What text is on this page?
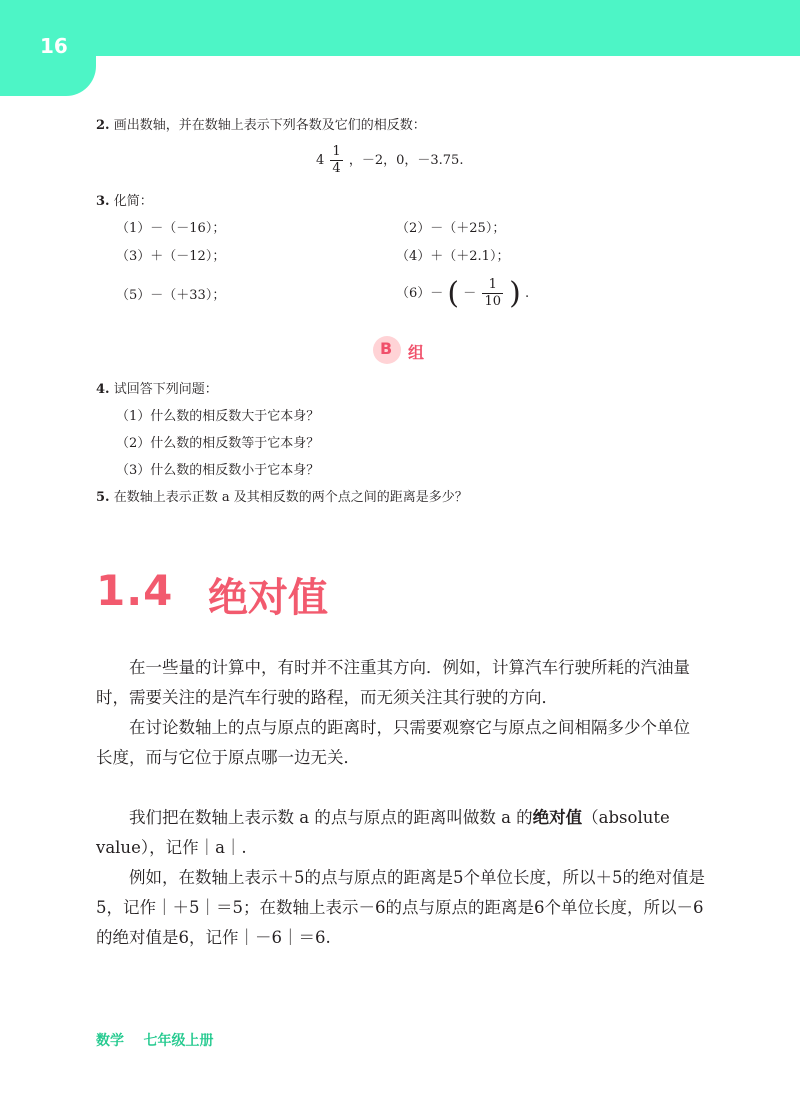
16
2. 画出数轴，并在数轴上表示下列各数及它们的相反数：
$4 \frac{1}{4}$ ，－2，0，－3.75.
3. 化简：
（1）－（－16）；	（2）－（＋25）；
（3）＋（－12）；	（4）＋（＋2.1）；
（5）－（＋33）；	（6）－ ( － $\frac{1}{10}$ ) .
B 组
4. 试回答下列问题：
（1）什么数的相反数大于它本身？
（2）什么数的相反数等于它本身？
（3）什么数的相反数小于它本身？
5. 在数轴上表示正数 a 及其相反数的两个点之间的距离是多少？
1.4 绝对值

在一些量的计算中，有时并不注重其方向．例如，计算汽车行驶所耗的汽油量时，需要关注的是汽车行驶的路程，而无须关注其行驶的方向．

在讨论数轴上的点与原点的距离时，只需要观察它与原点之间相隔多少个单位长度，而与它位于原点哪一边无关．

我们把在数轴上表示数 a 的点与原点的距离叫做数 a 的绝对值（absolute value），记作｜a｜.

例如，在数轴上表示＋5的点与原点的距离是5个单位长度，所以＋5的绝对值是5，记作｜＋5｜＝5；在数轴上表示－6的点与原点的距离是6个单位长度，所以－6的绝对值是6，记作｜－6｜＝6.

数学    七年级上册
